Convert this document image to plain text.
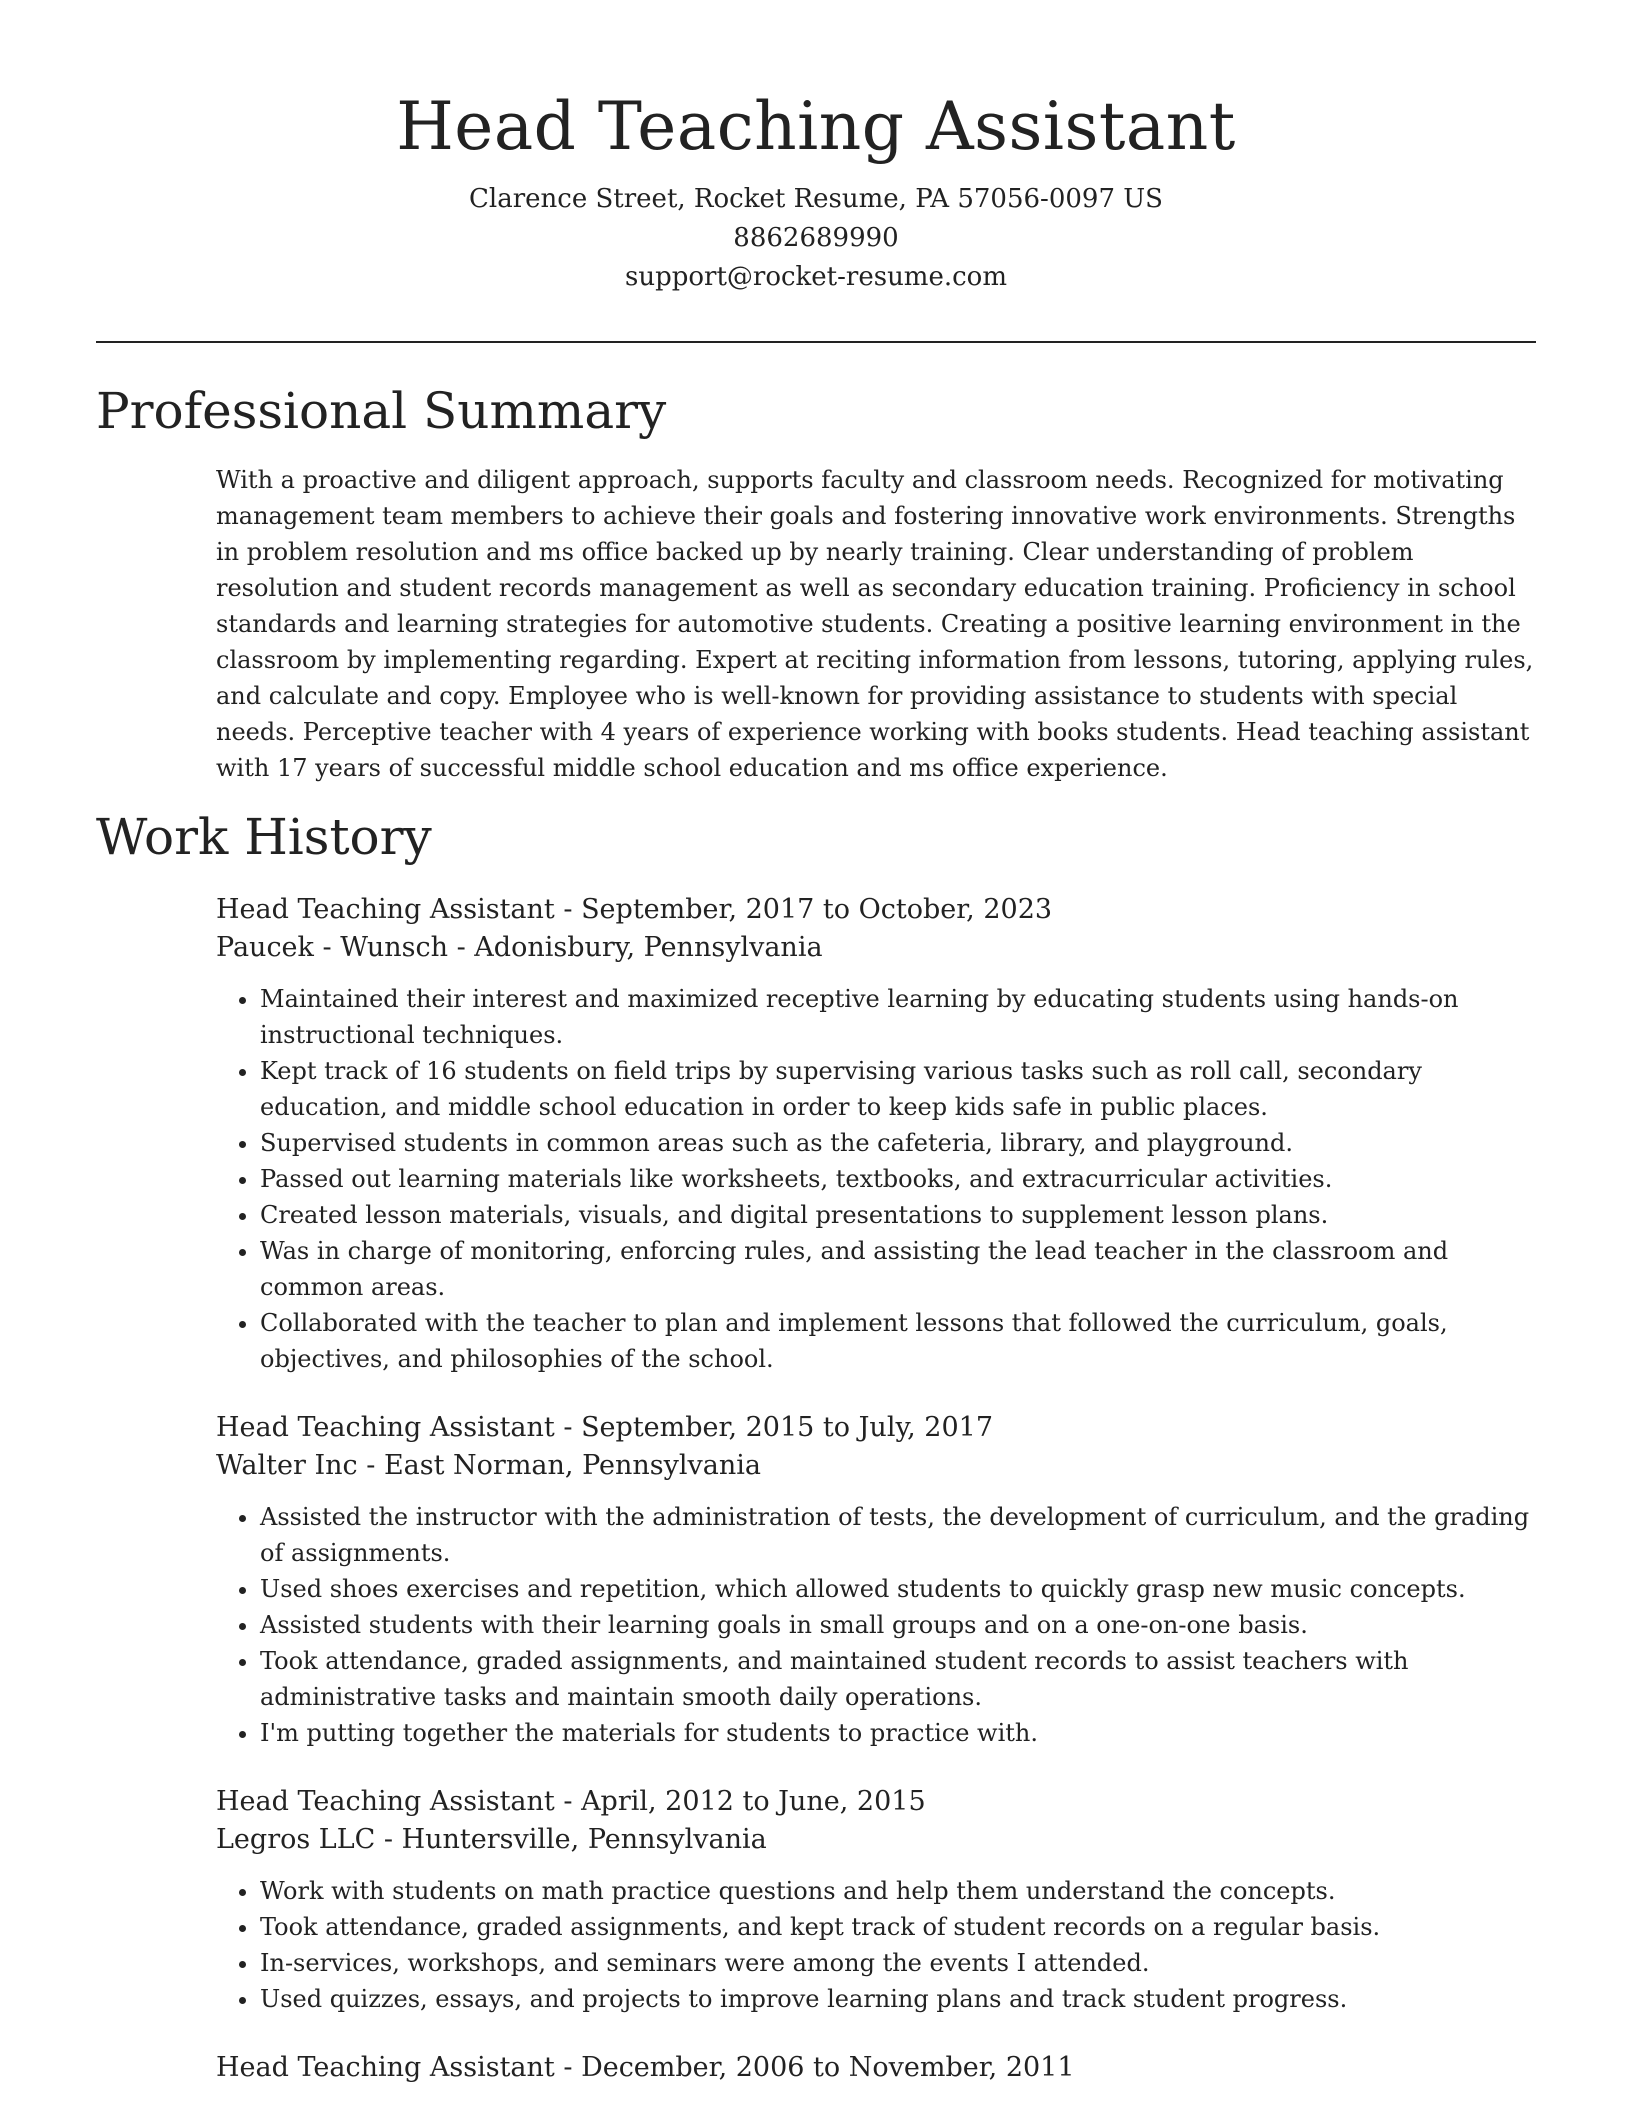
Head Teaching Assistant
Clarence Street, Rocket Resume, PA 57056-0097 US
8862689990
support@rocket-resume.com
Professional Summary

With a proactive and diligent approach, supports faculty and classroom needs. Recognized for motivating management team members to achieve their goals and fostering innovative work environments. Strengths in problem resolution and ms office backed up by nearly training. Clear understanding of problem resolution and student records management as well as secondary education training. Proficiency in school standards and learning strategies for automotive students. Creating a positive learning environment in the classroom by implementing regarding. Expert at reciting information from lessons, tutoring, applying rules, and calculate and copy. Employee who is well-known for providing assistance to students with special needs. Perceptive teacher with 4 years of experience working with books students. Head teaching assistant with 17 years of successful middle school education and ms office experience.

Work History
Head Teaching Assistant - September, 2017 to October, 2023
Paucek - Wunsch - Adonisbury, Pennsylvania
• Maintained their interest and maximized receptive learning by educating students using hands-on instructional techniques.
• Kept track of 16 students on field trips by supervising various tasks such as roll call, secondary education, and middle school education in order to keep kids safe in public places.
• Supervised students in common areas such as the cafeteria, library, and playground.
• Passed out learning materials like worksheets, textbooks, and extracurricular activities.
• Created lesson materials, visuals, and digital presentations to supplement lesson plans.
• Was in charge of monitoring, enforcing rules, and assisting the lead teacher in the classroom and common areas.
• Collaborated with the teacher to plan and implement lessons that followed the curriculum, goals, objectives, and philosophies of the school.
Head Teaching Assistant - September, 2015 to July, 2017
Walter Inc - East Norman, Pennsylvania
• Assisted the instructor with the administration of tests, the development of curriculum, and the grading of assignments.
• Used shoes exercises and repetition, which allowed students to quickly grasp new music concepts.
• Assisted students with their learning goals in small groups and on a one-on-one basis.
• Took attendance, graded assignments, and maintained student records to assist teachers with administrative tasks and maintain smooth daily operations.
• I'm putting together the materials for students to practice with.
Head Teaching Assistant - April, 2012 to June, 2015
Legros LLC - Huntersville, Pennsylvania
• Work with students on math practice questions and help them understand the concepts.
• Took attendance, graded assignments, and kept track of student records on a regular basis.
• In-services, workshops, and seminars were among the events I attended.
• Used quizzes, essays, and projects to improve learning plans and track student progress.
Head Teaching Assistant - December, 2006 to November, 2011
